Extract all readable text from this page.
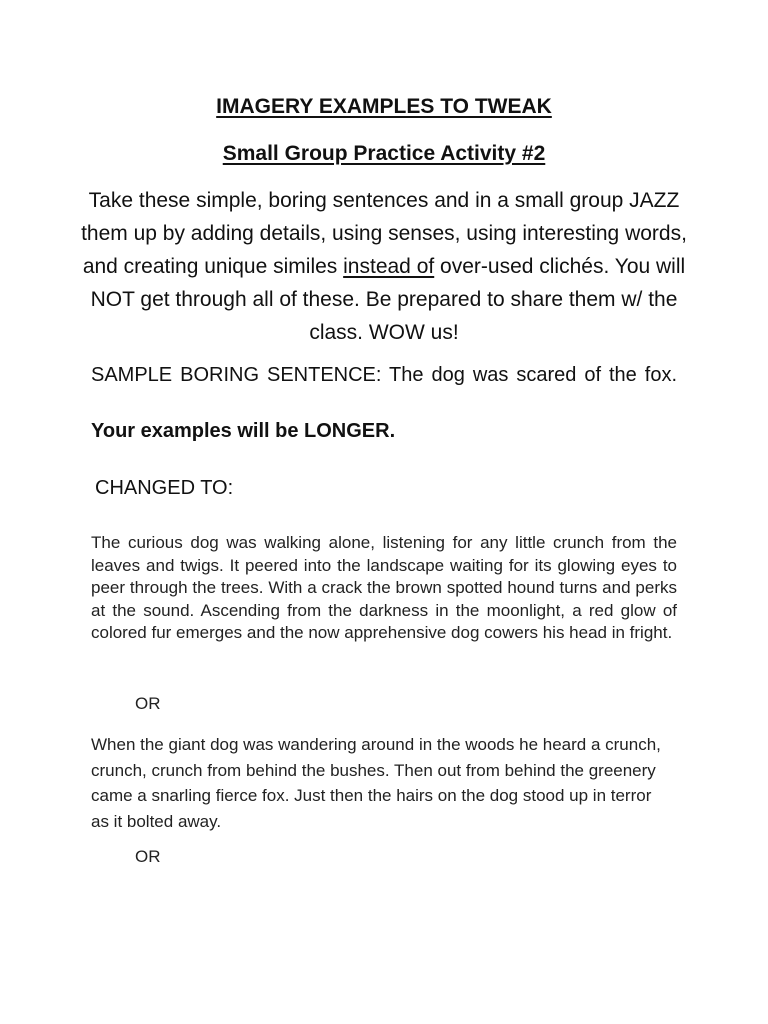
IMAGERY EXAMPLES TO TWEAK
Small Group Practice Activity #2
Take these simple, boring sentences and in a small group JAZZ them up by adding details, using senses, using interesting words, and creating unique similes instead of over-used clichés. You will NOT get through all of these. Be prepared to share them w/ the class. WOW us!
SAMPLE BORING SENTENCE: The dog was scared of the fox.
Your examples will be LONGER.
CHANGED TO:
The curious dog was walking alone, listening for any little crunch from the leaves and twigs. It peered into the landscape waiting for its glowing eyes to peer through the trees. With a crack the brown spotted hound turns and perks at the sound. Ascending from the darkness in the moonlight, a red glow of colored fur emerges and the now apprehensive dog cowers his head in fright.
OR
When the giant dog was wandering around in the woods he heard a crunch, crunch, crunch from behind the bushes. Then out from behind the greenery came a snarling fierce fox. Just then the hairs on the dog stood up in terror as it bolted away.
OR
